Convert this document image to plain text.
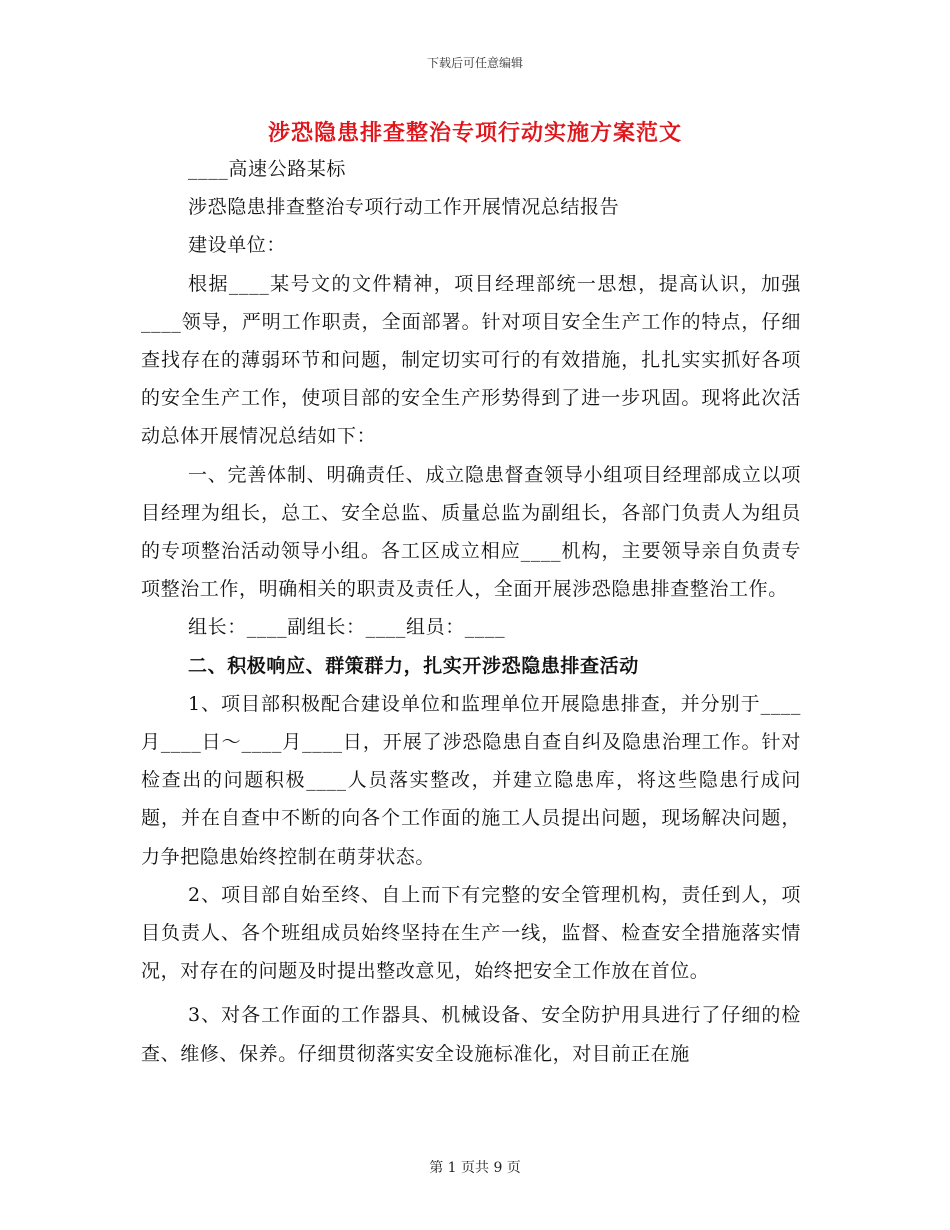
下载后可任意编辑
涉恐隐患排查整治专项行动实施方案范文

____高速公路某标

涉恐隐患排查整治专项行动工作开展情况总结报告

建设单位：

根据____某号文的文件精神，项目经理部统一思想，提高认识，加强____领导，严明工作职责，全面部署。针对项目安全生产工作的特点，仔细查找存在的薄弱环节和问题，制定切实可行的有效措施，扎扎实实抓好各项的安全生产工作，使项目部的安全生产形势得到了进一步巩固。现将此次活动总体开展情况总结如下：

一、完善体制、明确责任、成立隐患督查领导小组项目经理部成立以项目经理为组长，总工、安全总监、质量总监为副组长，各部门负责人为组员的专项整治活动领导小组。各工区成立相应____机构，主要领导亲自负责专项整治工作，明确相关的职责及责任人，全面开展涉恐隐患排查整治工作。

组长：____副组长：____组员：____

二、积极响应、群策群力，扎实开涉恐隐患排查活动

1、项目部积极配合建设单位和监理单位开展隐患排查，并分别于____月____日～____月____日，开展了涉恐隐患自查自纠及隐患治理工作。针对检查出的问题积极____人员落实整改，并建立隐患库，将这些隐患行成问题，并在自查中不断的向各个工作面的施工人员提出问题，现场解决问题，力争把隐患始终控制在萌芽状态。

2、项目部自始至终、自上而下有完整的安全管理机构，责任到人，项目负责人、各个班组成员始终坚持在生产一线，监督、检查安全措施落实情况，对存在的问题及时提出整改意见，始终把安全工作放在首位。

3、对各工作面的工作器具、机械设备、安全防护用具进行了仔细的检查、维修、保养。仔细贯彻落实安全设施标准化，对目前正在施

第 1 页共 9 页
